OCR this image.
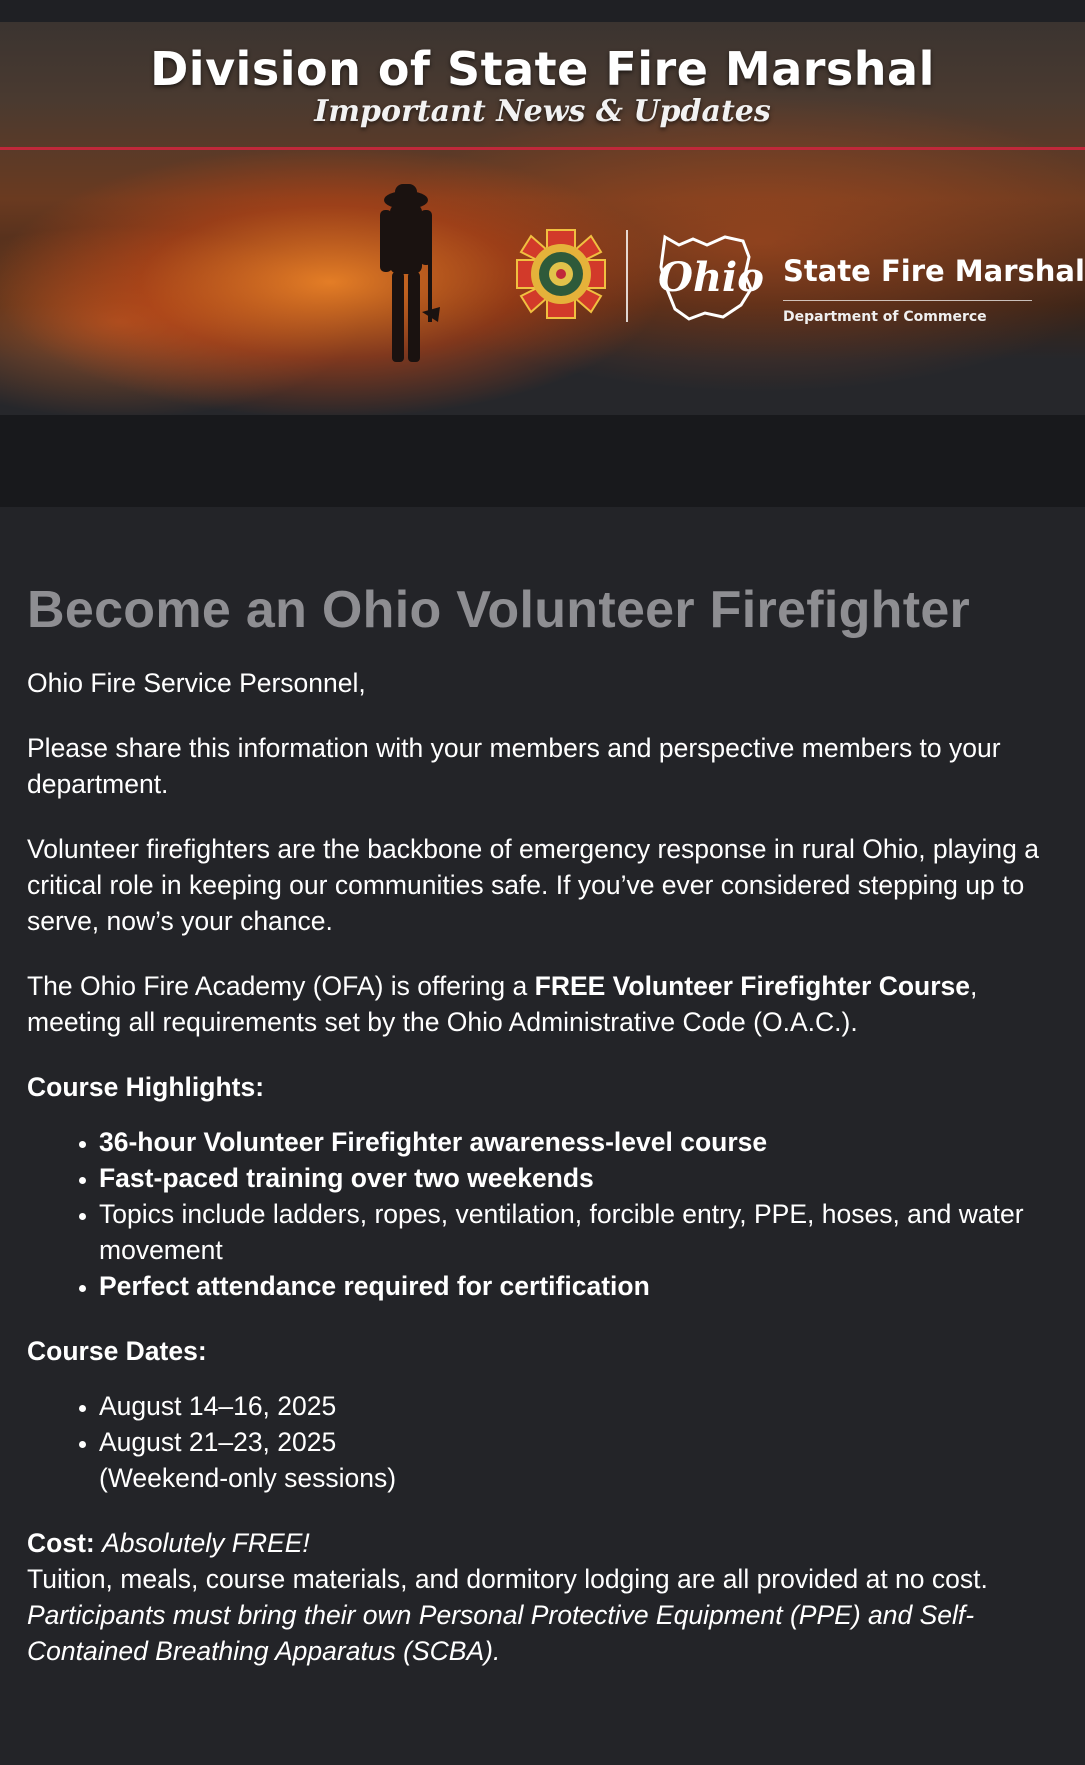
Division of State Fire Marshal
Important News & Updates
Ohio State Fire Marshal
Department of Commerce
Become an Ohio Volunteer Firefighter

Ohio Fire Service Personnel,

Please share this information with your members and perspective members to your department.

Volunteer firefighters are the backbone of emergency response in rural Ohio, playing a critical role in keeping our communities safe. If you’ve ever considered stepping up to serve, now’s your chance.

The Ohio Fire Academy (OFA) is offering a FREE Volunteer Firefighter Course, meeting all requirements set by the Ohio Administrative Code (O.A.C.).

Course Highlights:

• 36-hour Volunteer Firefighter awareness-level course
• Fast-paced training over two weekends
• Topics include ladders, ropes, ventilation, forcible entry, PPE, hoses, and water movement
• Perfect attendance required for certification

Course Dates:

• August 14–16, 2025
• August 21–23, 2025
(Weekend-only sessions)

Cost: Absolutely FREE!

Tuition, meals, course materials, and dormitory lodging are all provided at no cost.

Participants must bring their own Personal Protective Equipment (PPE) and Self-Contained Breathing Apparatus (SCBA).
